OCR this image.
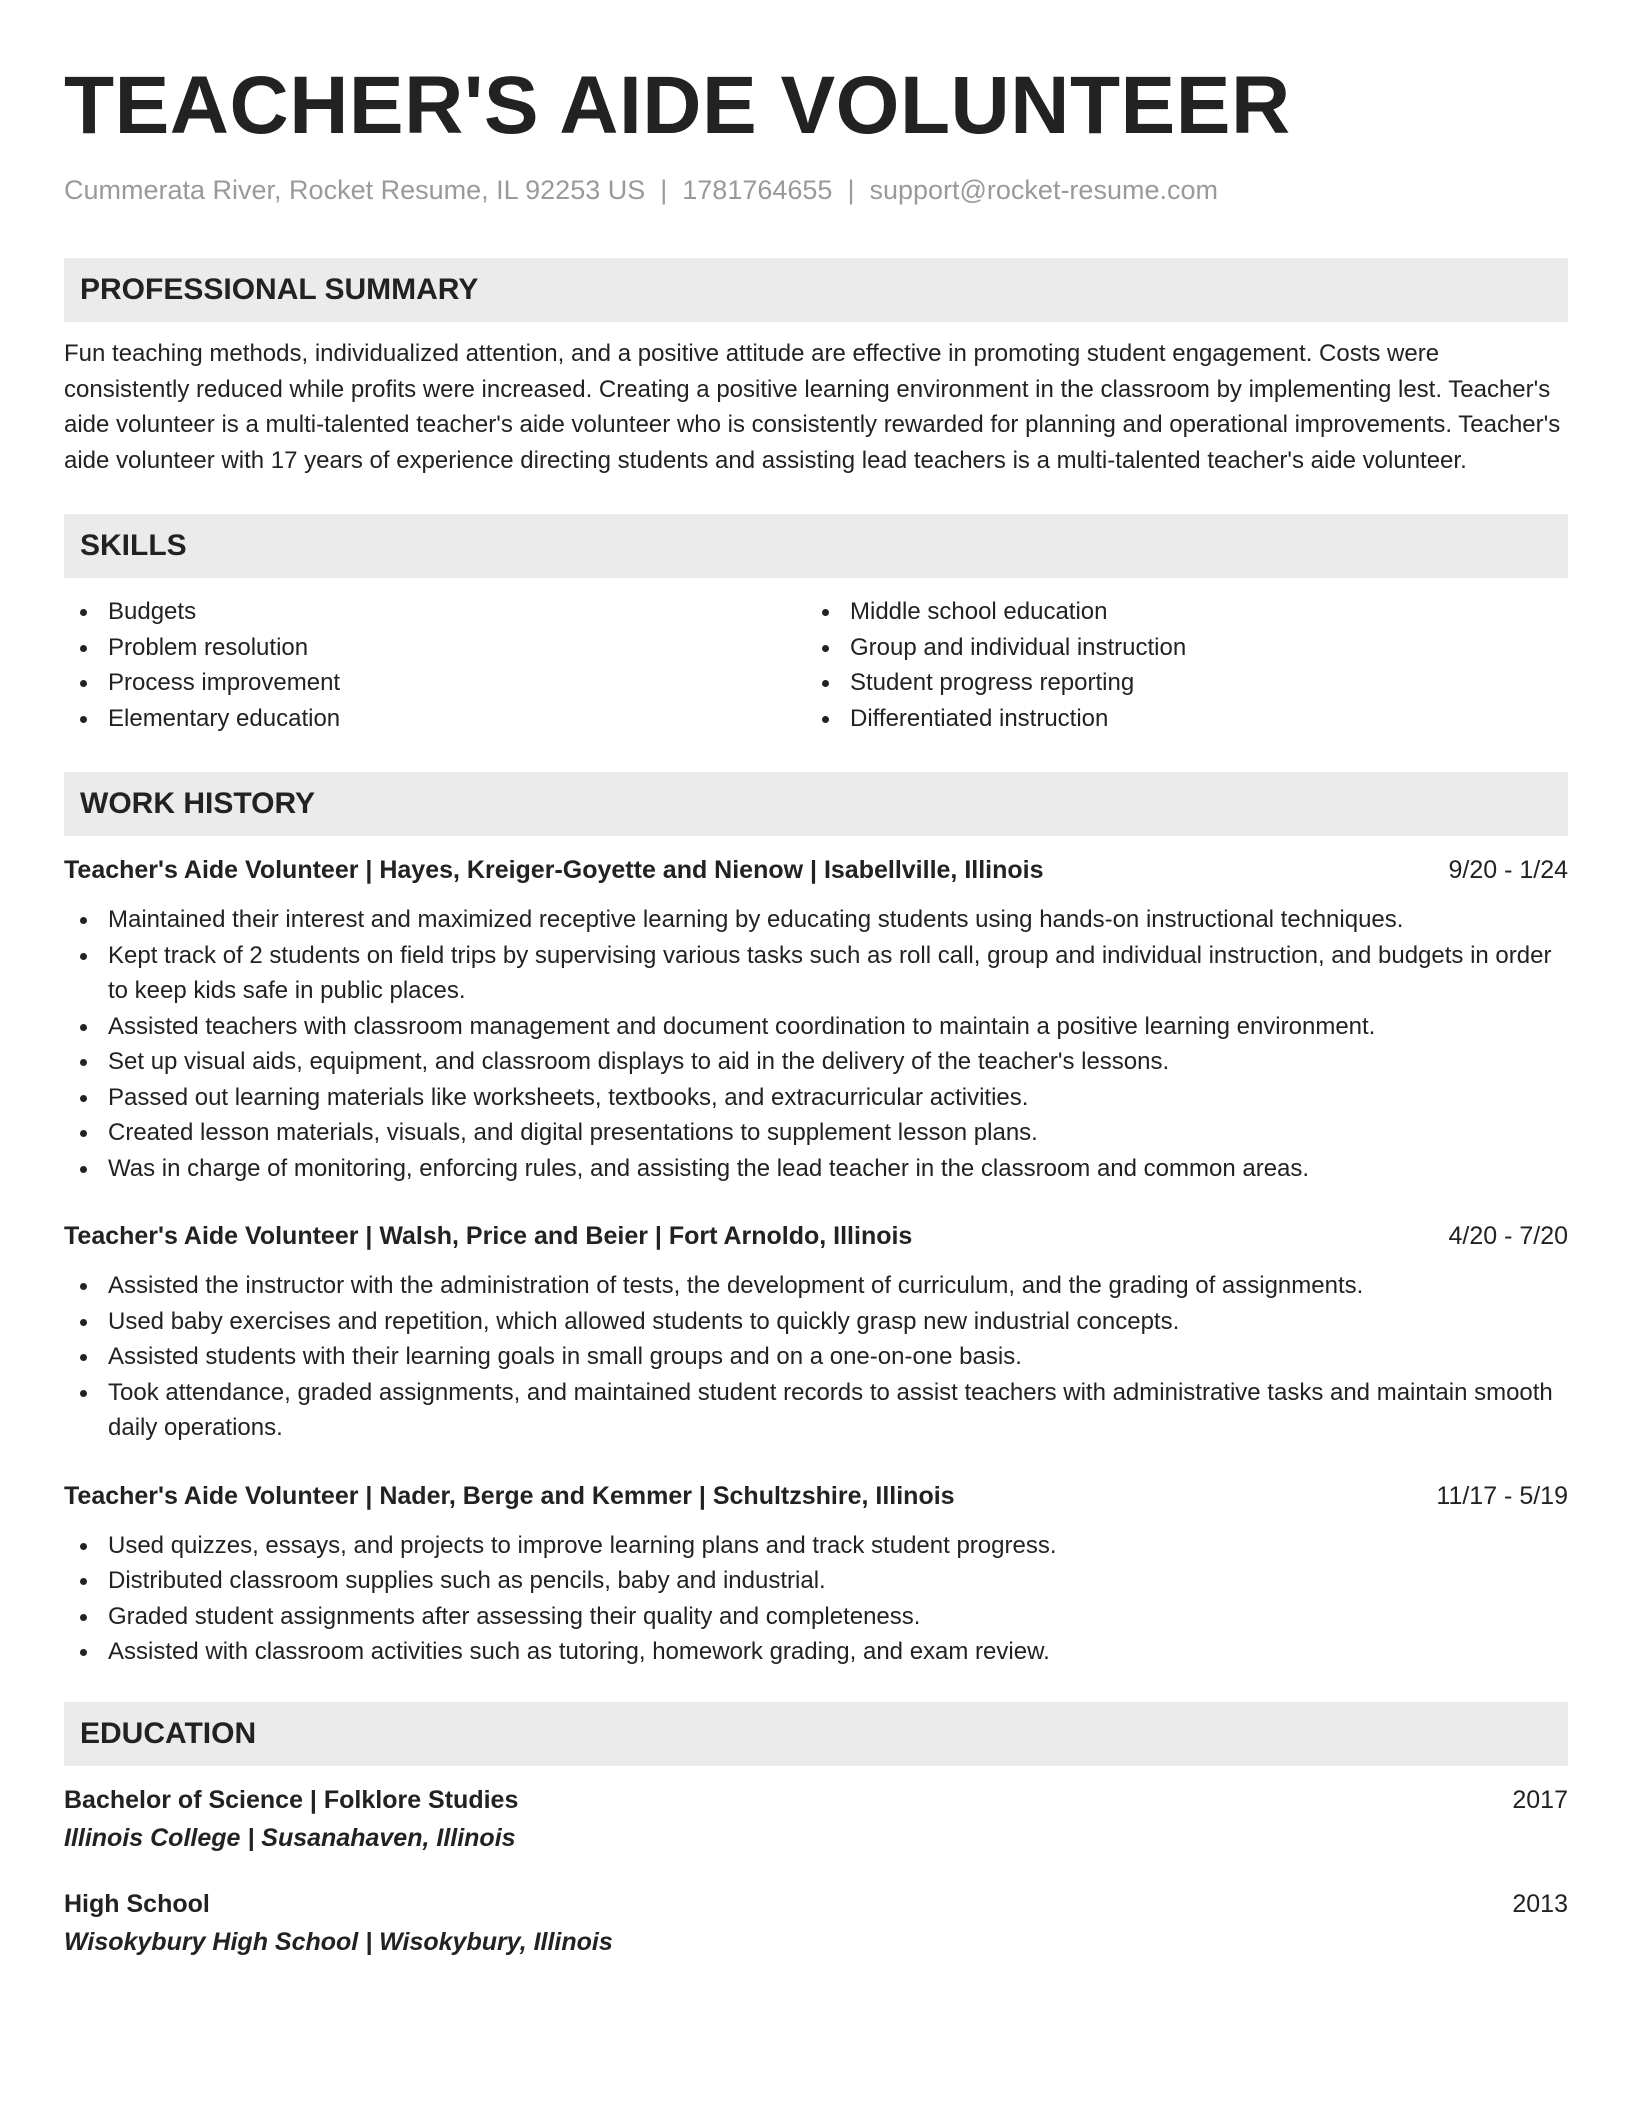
TEACHER'S AIDE VOLUNTEER
Cummerata River, Rocket Resume, IL 92253 US | 1781764655 | support@rocket-resume.com
PROFESSIONAL SUMMARY

Fun teaching methods, individualized attention, and a positive attitude are effective in promoting student engagement. Costs were consistently reduced while profits were increased. Creating a positive learning environment in the classroom by implementing lest. Teacher's aide volunteer is a multi-talented teacher's aide volunteer who is consistently rewarded for planning and operational improvements. Teacher's aide volunteer with 17 years of experience directing students and assisting lead teachers is a multi-talented teacher's aide volunteer.

SKILLS
Budgets
Problem resolution
Process improvement
Elementary education
Middle school education
Group and individual instruction
Student progress reporting
Differentiated instruction
WORK HISTORY
Teacher's Aide Volunteer | Hayes, Kreiger-Goyette and Nienow | Isabellville, Illinois	9/20 - 1/24
Maintained their interest and maximized receptive learning by educating students using hands-on instructional techniques.
Kept track of 2 students on field trips by supervising various tasks such as roll call, group and individual instruction, and budgets in order to keep kids safe in public places.
Assisted teachers with classroom management and document coordination to maintain a positive learning environment.
Set up visual aids, equipment, and classroom displays to aid in the delivery of the teacher's lessons.
Passed out learning materials like worksheets, textbooks, and extracurricular activities.
Created lesson materials, visuals, and digital presentations to supplement lesson plans.
Was in charge of monitoring, enforcing rules, and assisting the lead teacher in the classroom and common areas.
Teacher's Aide Volunteer | Walsh, Price and Beier | Fort Arnoldo, Illinois	4/20 - 7/20
Assisted the instructor with the administration of tests, the development of curriculum, and the grading of assignments.
Used baby exercises and repetition, which allowed students to quickly grasp new industrial concepts.
Assisted students with their learning goals in small groups and on a one-on-one basis.
Took attendance, graded assignments, and maintained student records to assist teachers with administrative tasks and maintain smooth daily operations.
Teacher's Aide Volunteer | Nader, Berge and Kemmer | Schultzshire, Illinois	11/17 - 5/19
Used quizzes, essays, and projects to improve learning plans and track student progress.
Distributed classroom supplies such as pencils, baby and industrial.
Graded student assignments after assessing their quality and completeness.
Assisted with classroom activities such as tutoring, homework grading, and exam review.
EDUCATION
Bachelor of Science | Folklore Studies	2017
Illinois College | Susanahaven, Illinois
High School	2013
Wisokybury High School | Wisokybury, Illinois
